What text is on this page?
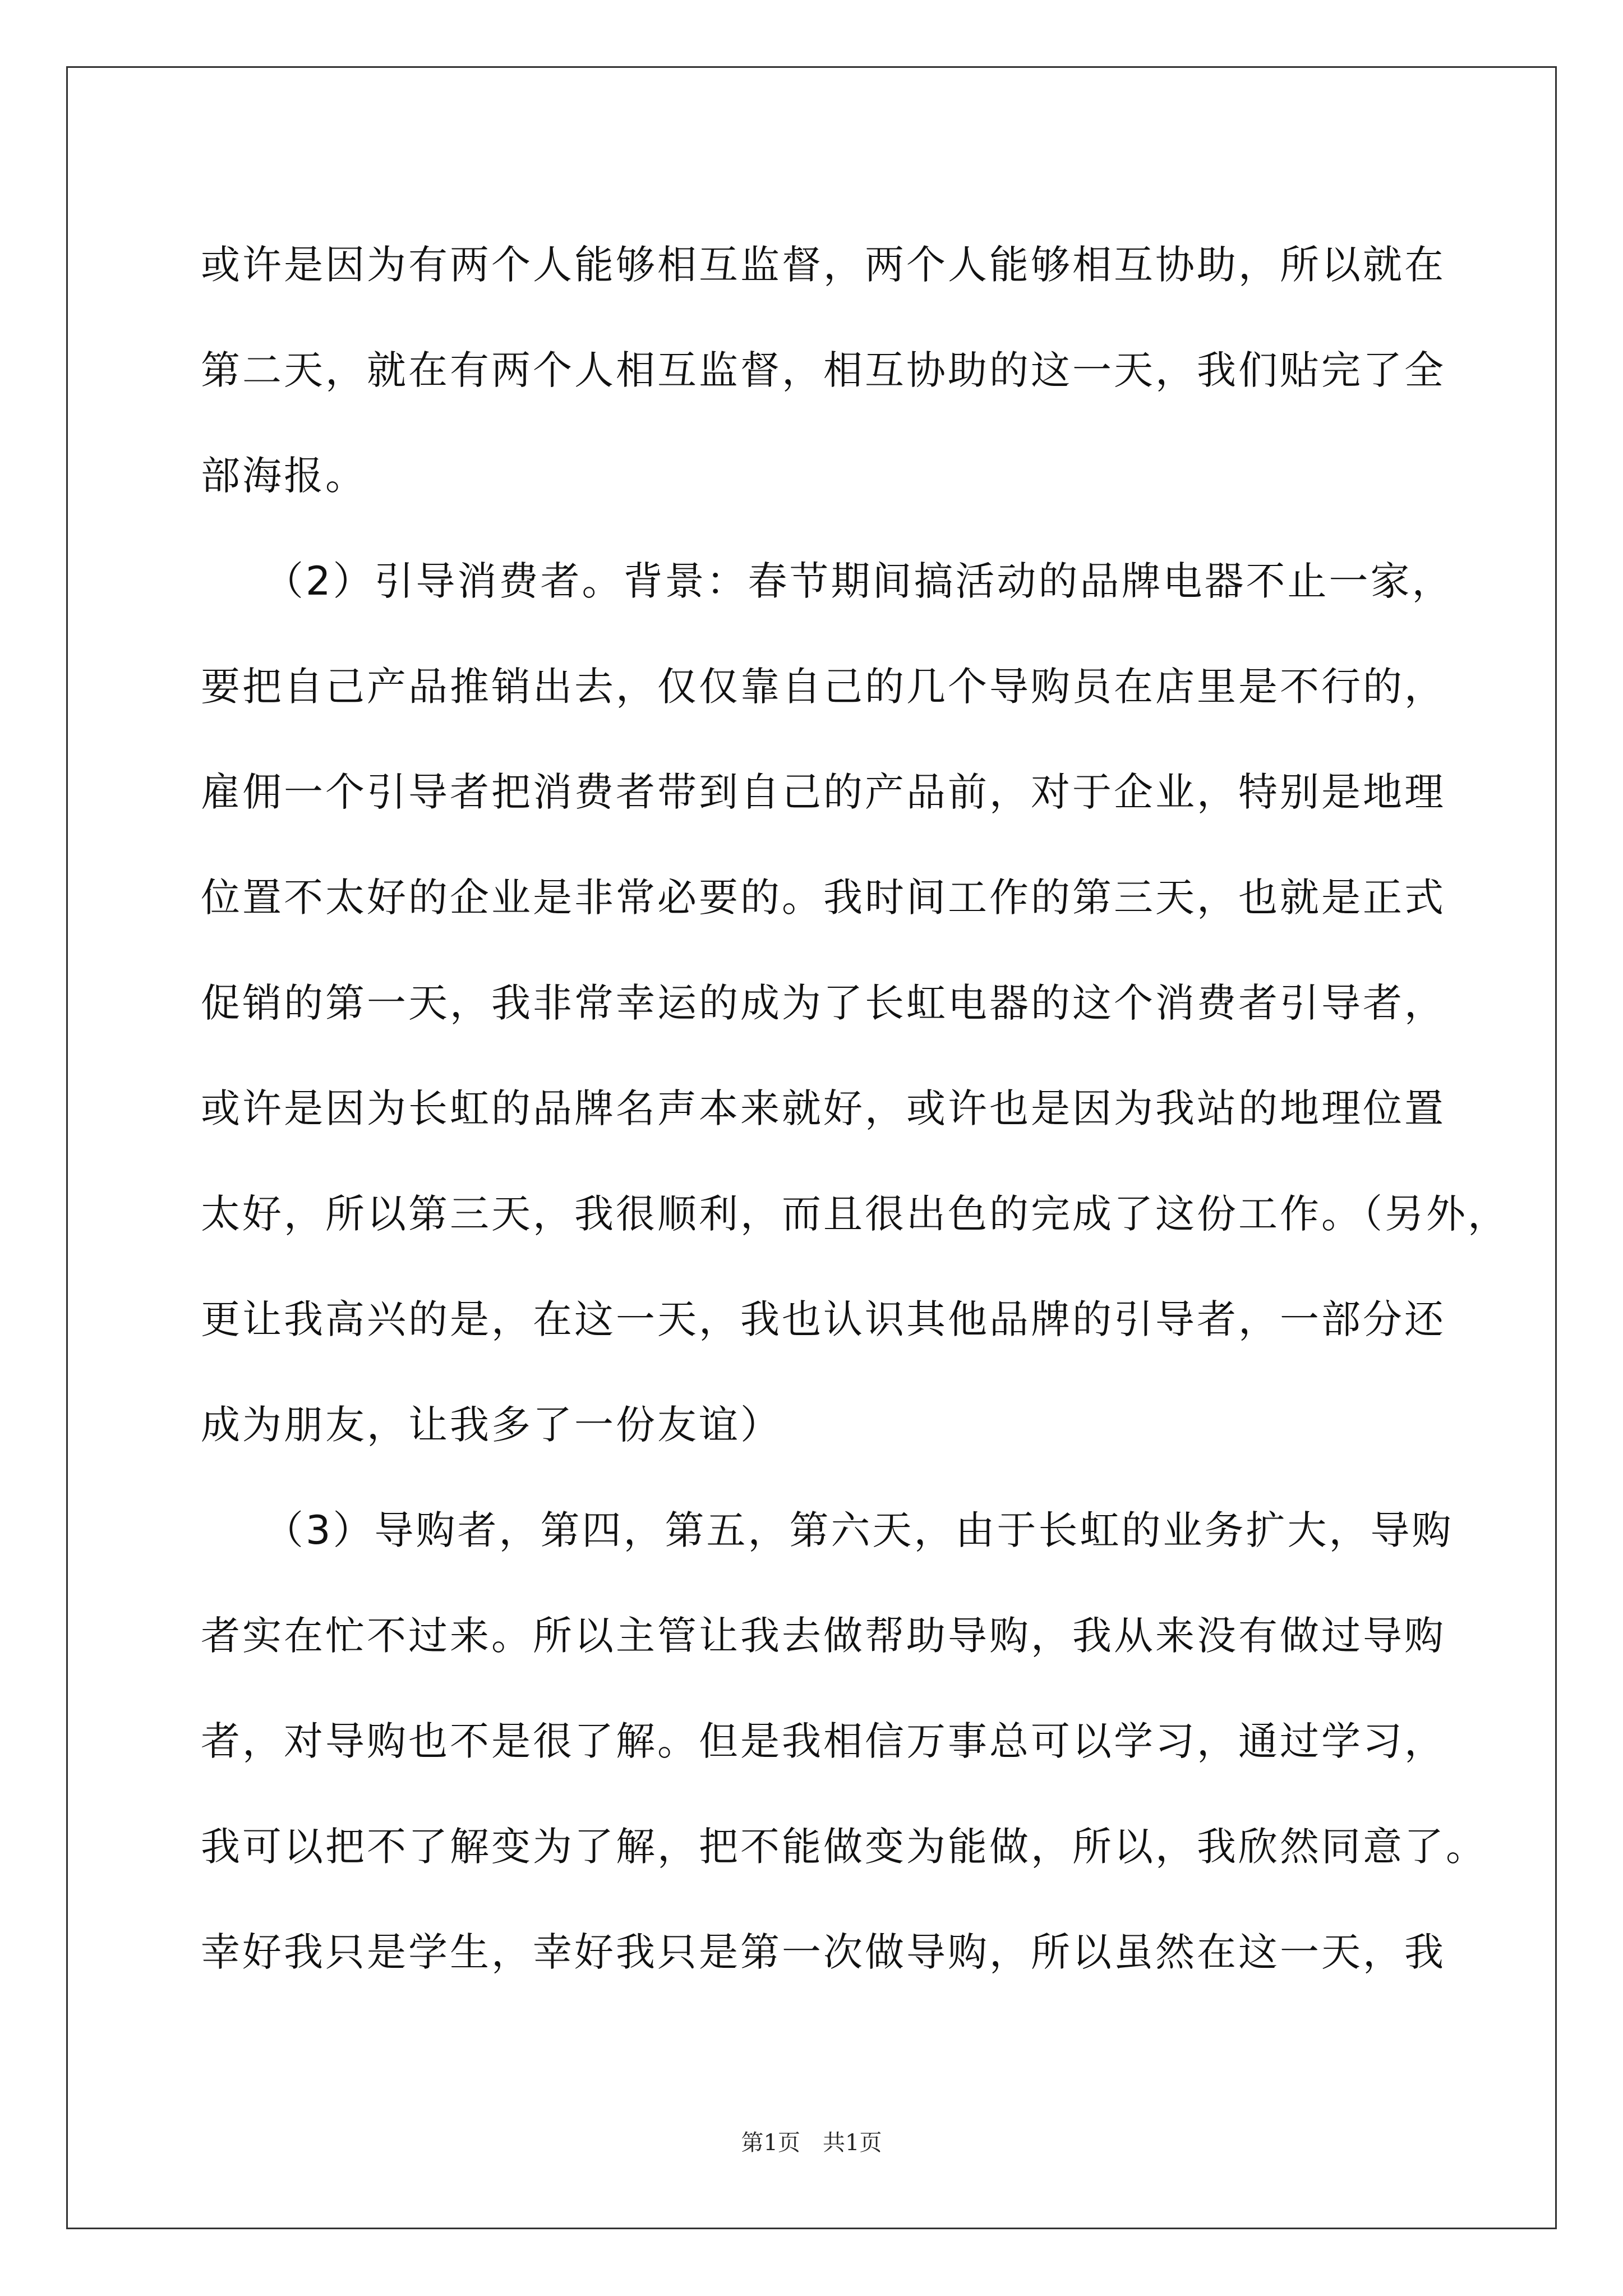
或许是因为有两个人能够相互监督，两个人能够相互协助，所以就在
第二天，就在有两个人相互监督，相互协助的这一天，我们贴完了全
部海报。
　　（2）引导消费者。背景：春节期间搞活动的品牌电器不止一家，
要把自己产品推销出去，仅仅靠自己的几个导购员在店里是不行的，
雇佣一个引导者把消费者带到自己的产品前，对于企业，特别是地理
位置不太好的企业是非常必要的。我时间工作的第三天，也就是正式
促销的第一天，我非常幸运的成为了长虹电器的这个消费者引导者，
或许是因为长虹的品牌名声本来就好，或许也是因为我站的地理位置
太好，所以第三天，我很顺利，而且很出色的完成了这份工作。（另外，
更让我高兴的是，在这一天，我也认识其他品牌的引导者，一部分还
成为朋友，让我多了一份友谊）
　　（3）导购者，第四，第五，第六天，由于长虹的业务扩大，导购
者实在忙不过来。所以主管让我去做帮助导购，我从来没有做过导购
者，对导购也不是很了解。但是我相信万事总可以学习，通过学习，
我可以把不了解变为了解，把不能做变为能做，所以，我欣然同意了。
幸好我只是学生，幸好我只是第一次做导购，所以虽然在这一天，我
第1页　共1页
